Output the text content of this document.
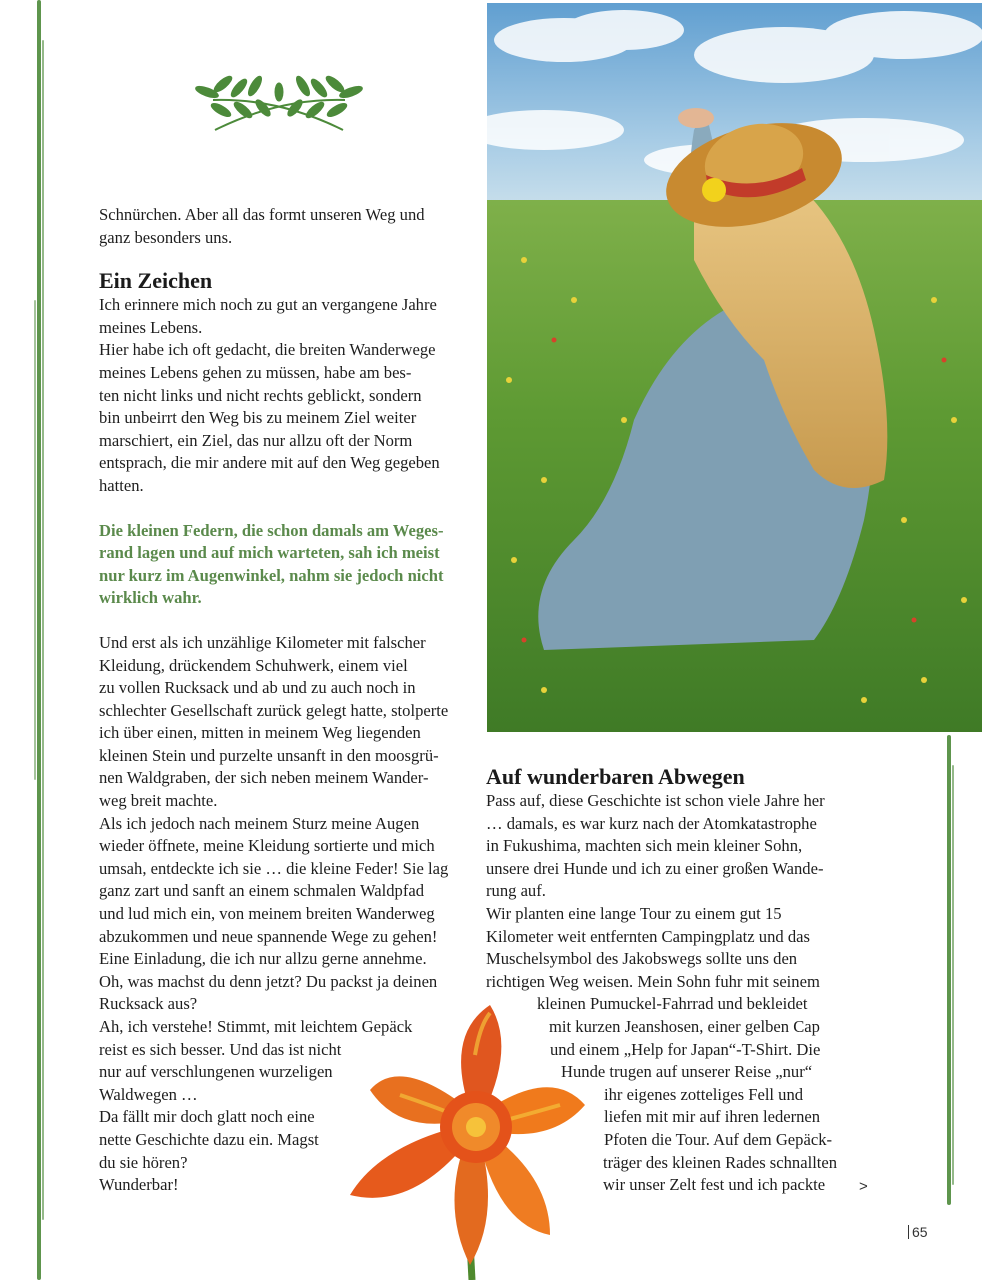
Schnürchen. Aber all das formt unseren Weg und
ganz besonders uns.
Ein Zeichen
Ich erinnere mich noch zu gut an vergangene Jahre
meines Lebens.
Hier habe ich oft gedacht, die breiten Wanderwege
meines Lebens gehen zu müssen, habe am bes-
ten nicht links und nicht rechts geblickt, sondern
bin unbeirrt den Weg bis zu meinem Ziel weiter
marschiert, ein Ziel, das nur allzu oft der Norm
entsprach, die mir andere mit auf den Weg gegeben
hatten.
Die kleinen Federn, die schon damals am Weges-
rand lagen und auf mich warteten, sah ich meist
nur kurz im Augenwinkel, nahm sie jedoch nicht
wirklich wahr.
Und erst als ich unzählige Kilometer mit falscher
Kleidung, drückendem Schuhwerk, einem viel
zu vollen Rucksack und ab und zu auch noch in
schlechter Gesellschaft zurück gelegt hatte, stolperte
ich über einen, mitten in meinem Weg liegenden
kleinen Stein und purzelte unsanft in den moosgrü-
nen Waldgraben, der sich neben meinem Wander-
weg breit machte.
Als ich jedoch nach meinem Sturz meine Augen
wieder öffnete, meine Kleidung sortierte und mich
umsah, entdeckte ich sie … die kleine Feder! Sie lag
ganz zart und sanft an einem schmalen Waldpfad
und lud mich ein, von meinem breiten Wanderweg
abzukommen und neue spannende Wege zu gehen!
Eine Einladung, die ich nur allzu gerne annehme.
Oh, was machst du denn jetzt? Du packst ja deinen
Rucksack aus?
Ah, ich verstehe! Stimmt, mit leichtem Gepäck
reist es sich besser. Und das ist nicht
nur auf verschlungenen wurzeligen
Waldwegen …
Da fällt mir doch glatt noch eine
nette Geschichte dazu ein. Magst
du sie hören?
Wunderbar!
Auf wunderbaren Abwegen
Pass auf, diese Geschichte ist schon viele Jahre her
… damals, es war kurz nach der Atomkatastrophe
in Fukushima, machten sich mein kleiner Sohn,
unsere drei Hunde und ich zu einer großen Wande-
rung auf.
Wir planten eine lange Tour zu einem gut 15
Kilometer weit entfernten Campingplatz und das
Muschelsymbol des Jakobswegs sollte uns den
richtigen Weg weisen. Mein Sohn fuhr mit seinem
kleinen Pumuckel-Fahrrad und bekleidet
mit kurzen Jeanshosen, einer gelben Cap
und einem „Help for Japan“-T-Shirt. Die
Hunde trugen auf unserer Reise „nur“
ihr eigenes zotteliges Fell und
liefen mit mir auf ihren ledernen
Pfoten die Tour. Auf dem Gepäck-
träger des kleinen Rades schnallten
wir unser Zelt fest und ich packte	>
65
